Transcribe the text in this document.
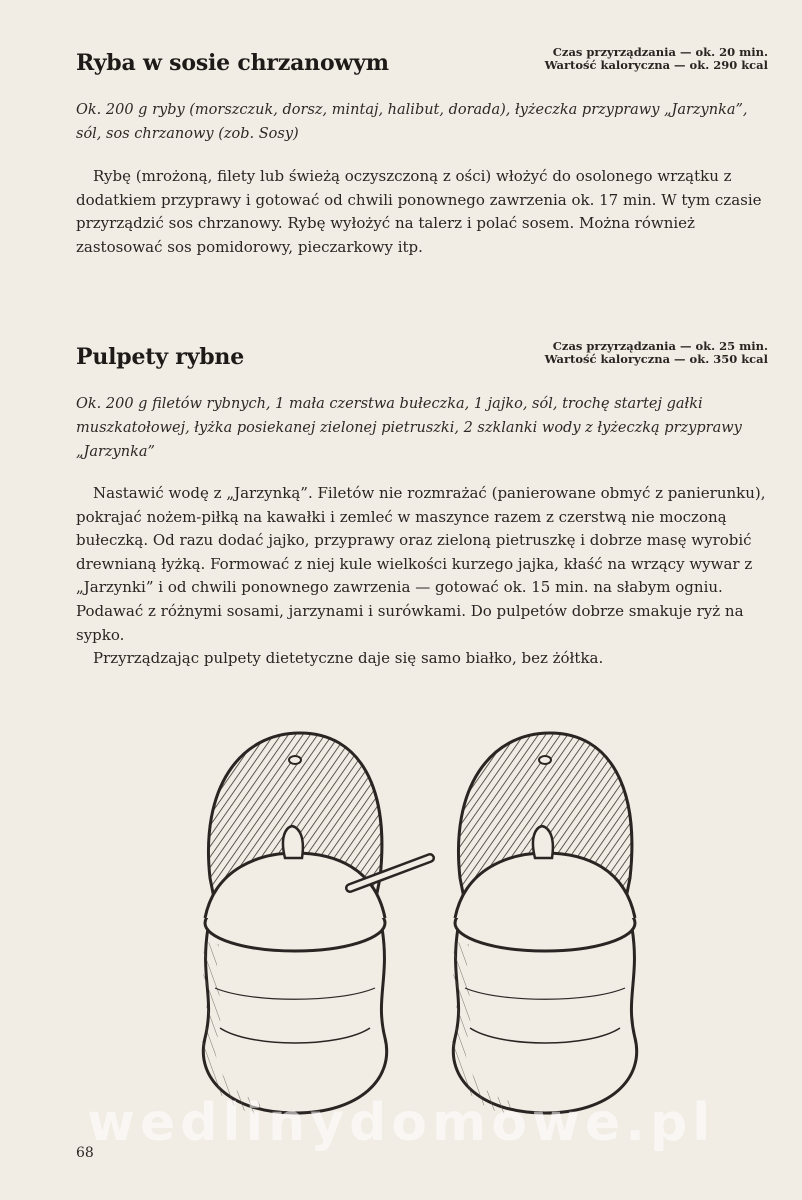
Ryba w sosie chrzanowym	Czas przyrządzania — ok. 20 min.
Wartość kaloryczna — ok. 290 kcal
Ok. 200 g ryby (morszczuk, dorsz, mintaj, halibut, dorada), łyżeczka przyprawy „Jarzynka”, sól, sos chrzanowy (zob. Sosy)

Rybę (mrożoną, filety lub świeżą oczyszczoną z ości) włożyć do osolonego wrzątku z dodatkiem przyprawy i gotować od chwili ponownego zawrzenia ok. 17 min. W tym czasie przyrządzić sos chrzanowy. Rybę wyłożyć na talerz i polać sosem. Można również zastosować sos pomidorowy, pieczarkowy itp.

Pulpety rybne	Czas przyrządzania — ok. 25 min.
Wartość kaloryczna — ok. 350 kcal
Ok. 200 g filetów rybnych, 1 mała czerstwa bułeczka, 1 jajko, sól, trochę startej gałki muszkatołowej, łyżka posiekanej zielonej pietruszki, 2 szklanki wody z łyżeczką przyprawy „Jarzynka”

Nastawić wodę z „Jarzynką”. Filetów nie rozmrażać (panierowane obmyć z panierunku), pokrajać nożem-piłką na kawałki i zemleć w maszynce razem z czerstwą nie moczoną bułeczką. Od razu dodać jajko, przyprawy oraz zieloną pietruszkę i dobrze masę wyrobić drewnianą łyżką. Formować z niej kule wielkości kurzego jajka, kłaść na wrzący wywar z „Jarzynki” i od chwili ponownego zawrzenia — gotować ok. 15 min. na słabym ogniu. Podawać z różnymi sosami, jarzynami i surówkami. Do pulpetów dobrze smakuje ryż na sypko.

Przyrządzając pulpety dietetyczne daje się samo białko, bez żółtka.

wedlinydomowe.pl
68
